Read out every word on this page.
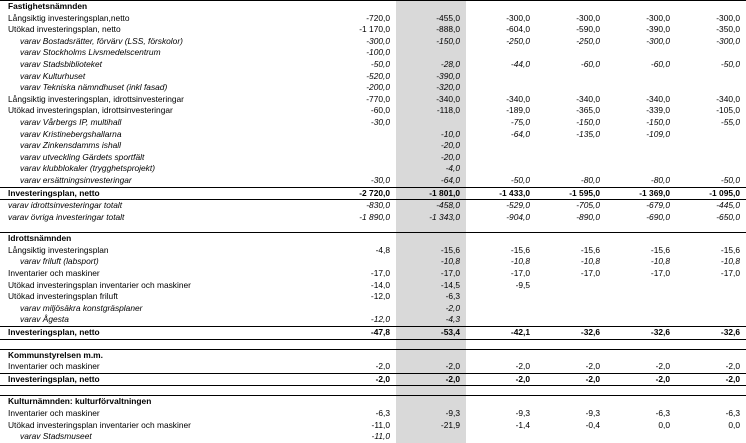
Fastighetsnämnden						
Långsiktig investeringsplan,netto	-720,0	-455,0	-300,0	-300,0	-300,0	-300,0
Utökad investeringsplan, netto	-1 170,0	-888,0	-604,0	-590,0	-390,0	-350,0
varav Bostadsrätter, förvärv (LSS, förskolor)	-300,0	-150,0	-250,0	-250,0	-300,0	-300,0
varav Stockholms Livsmedelscentrum	-100,0					
varav Stadsbiblioteket	-50,0	-28,0	-44,0	-60,0	-60,0	-50,0
varav Kulturhuset	-520,0	-390,0				
varav Tekniska nämndhuset (inkl fasad)	-200,0	-320,0				
Långsiktig investeringsplan, idrottsinvesteringar	-770,0	-340,0	-340,0	-340,0	-340,0	-340,0
Utökad investeringsplan, idrottsinvesteringar	-60,0	-118,0	-189,0	-365,0	-339,0	-105,0
varav Vårbergs IP, multihall	-30,0		-75,0	-150,0	-150,0	-55,0
varav Kristinebergshallarna		-10,0	-64,0	-135,0	-109,0	
varav Zinkensdamms ishall		-20,0				
varav utveckling Gärdets sportfält		-20,0				
varav klubblokaler (trygghetsprojekt)		-4,0				
varav ersättningsinvesteringar	-30,0	-64,0	-50,0	-80,0	-80,0	-50,0
Investeringsplan, netto	-2 720,0	-1 801,0	-1 433,0	-1 595,0	-1 369,0	-1 095,0
varav idrottsinvesteringar totalt	-830,0	-458,0	-529,0	-705,0	-679,0	-445,0
varav övriga investeringar totalt	-1 890,0	-1 343,0	-904,0	-890,0	-690,0	-650,0

Idrottsnämnden						
Långsiktig investeringsplan	-4,8	-15,6	-15,6	-15,6	-15,6	-15,6
varav friluft (labsport)		-10,8	-10,8	-10,8	-10,8	-10,8
Inventarier och maskiner	-17,0	-17,0	-17,0	-17,0	-17,0	-17,0
Utökad investeringsplan inventarier och maskiner	-14,0	-14,5	-9,5			
Utökad investeringsplan friluft	-12,0	-6,3				
varav miljösäkra konstgräsplaner		-2,0				
varav Ågesta	-12,0	-4,3				
Investeringsplan, netto	-47,8	-53,4	-42,1	-32,6	-32,6	-32,6

Kommunstyrelsen m.m.						
Inventarier och maskiner	-2,0	-2,0	-2,0	-2,0	-2,0	-2,0
Investeringsplan, netto	-2,0	-2,0	-2,0	-2,0	-2,0	-2,0

Kulturnämnden: kulturförvaltningen						
Inventarier och maskiner	-6,3	-9,3	-9,3	-9,3	-6,3	-6,3
Utökad investeringsplan inventarier och maskiner	-11,0	-21,9	-1,4	-0,4	0,0	0,0
varav Stadsmuseet	-11,0					
